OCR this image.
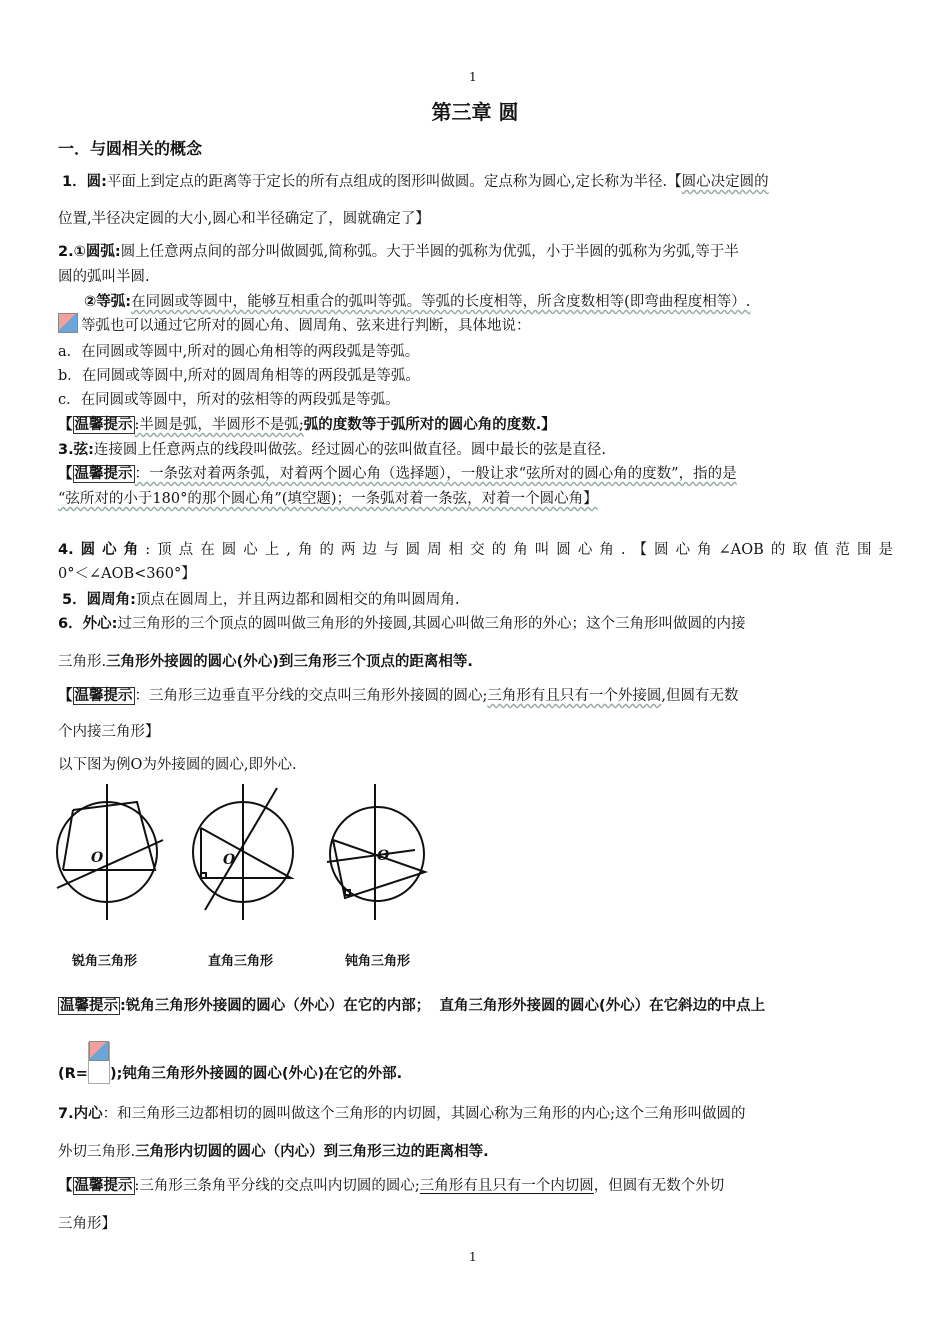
1
第三章 圆
一．与圆相关的概念
1．圆:平面上到定点的距离等于定长的所有点组成的图形叫做圆。定点称为圆心,定长称为半径.【圆心决定圆的
位置,半径决定圆的大小,圆心和半径确定了，圆就确定了】
2.①圆弧:圆上任意两点间的部分叫做圆弧,简称弧。大于半圆的弧称为优弧，小于半圆的弧称为劣弧,等于半
圆的弧叫半圆.
②等弧:在同圆或等圆中，能够互相重合的弧叫等弧。等弧的长度相等，所含度数相等(即弯曲程度相等）.
等弧也可以通过它所对的圆心角、圆周角、弦来进行判断，具体地说：
a．在同圆或等圆中,所对的圆心角相等的两段弧是等弧。
b．在同圆或等圆中,所对的圆周角相等的两段弧是等弧。
c．在同圆或等圆中，所对的弦相等的两段弧是等弧。
【 温馨提示 :半圆是弧，半圆形不是弧;弧的度数等于弧所对的圆心角的度数.】
3.弦:连接圆上任意两点的线段叫做弦。经过圆心的弦叫做直径。圆中最长的弦是直径.
【 温馨提示 ：一条弦对着两条弧，对着两个圆心角（选择题），一般让求“弦所对的圆心角的度数”，指的是
“弦所对的小于180°的那个圆心角”(填空题)；一条弧对着一条弦，对着一个圆心角】
4.圆心角:顶点在圆心上,角的两边与圆周相交的角叫圆心角.【圆心角∠AOB的取值范围是
0°＜∠AOB<360°】
5．圆周角:顶点在圆周上，并且两边都和圆相交的角叫圆周角.
6．外心:过三角形的三个顶点的圆叫做三角形的外接圆,其圆心叫做三角形的外心；这个三角形叫做圆的内接
三角形.三角形外接圆的圆心(外心)到三角形三个顶点的距离相等.
【 温馨提示 ：三角形三边垂直平分线的交点叫三角形外接圆的圆心;三角形有且只有一个外接圆,但圆有无数
个内接三角形】
以下图为例O为外接圆的圆心,即外心.
O	O	O
锐角三角形	直角三角形	钝角三角形
温馨提示 :锐角三角形外接圆的圆心（外心）在它的内部； 直角三角形外接圆的圆心(外心）在它斜边的中点上
(R= );钝角三角形外接圆的圆心(外心)在它的外部.
7.内心：和三角形三边都相切的圆叫做这个三角形的内切圆，其圆心称为三角形的内心;这个三角形叫做圆的
外切三角形.三角形内切圆的圆心（内心）到三角形三边的距离相等.
【 温馨提示 :三角形三条角平分线的交点叫内切圆的圆心;三角形有且只有一个内切圆，但圆有无数个外切
三角形】
1
